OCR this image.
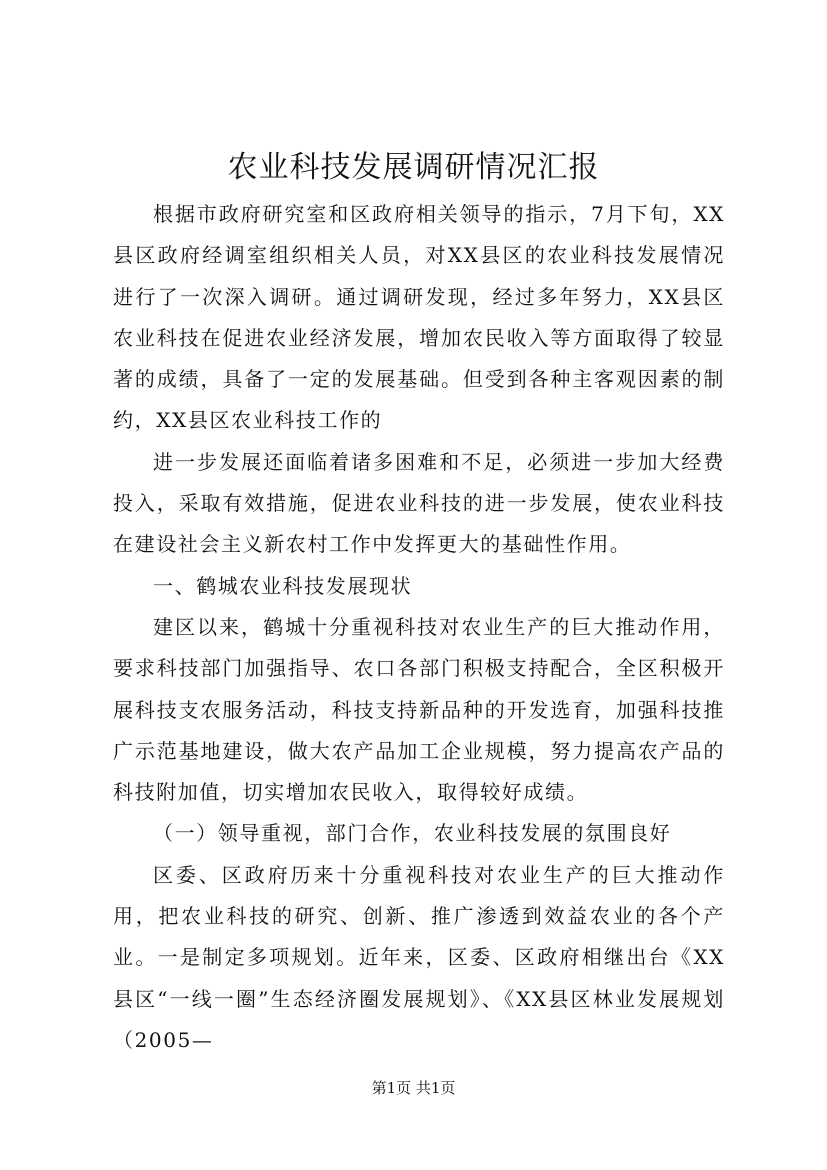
农业科技发展调研情况汇报

根据市政府研究室和区政府相关领导的指示，7月下旬，XX县区政府经调室组织相关人员，对XX县区的农业科技发展情况进行了一次深入调研。通过调研发现，经过多年努力，XX县区农业科技在促进农业经济发展，增加农民收入等方面取得了较显著的成绩，具备了一定的发展基础。但受到各种主客观因素的制约，XX县区农业科技工作的

进一步发展还面临着诸多困难和不足，必须进一步加大经费投入，采取有效措施，促进农业科技的进一步发展，使农业科技在建设社会主义新农村工作中发挥更大的基础性作用。

一、鹤城农业科技发展现状

建区以来，鹤城十分重视科技对农业生产的巨大推动作用，要求科技部门加强指导、农口各部门积极支持配合，全区积极开展科技支农服务活动，科技支持新品种的开发选育，加强科技推广示范基地建设，做大农产品加工企业规模，努力提高农产品的科技附加值，切实增加农民收入，取得较好成绩。

（一）领导重视，部门合作，农业科技发展的氛围良好

区委、区政府历来十分重视科技对农业生产的巨大推动作用，把农业科技的研究、创新、推广渗透到效益农业的各个产业。一是制定多项规划。近年来，区委、区政府相继出台《XX县区“一线一圈”生态经济圈发展规划》、《XX县区林业发展规划（2005—

第1页 共1页
